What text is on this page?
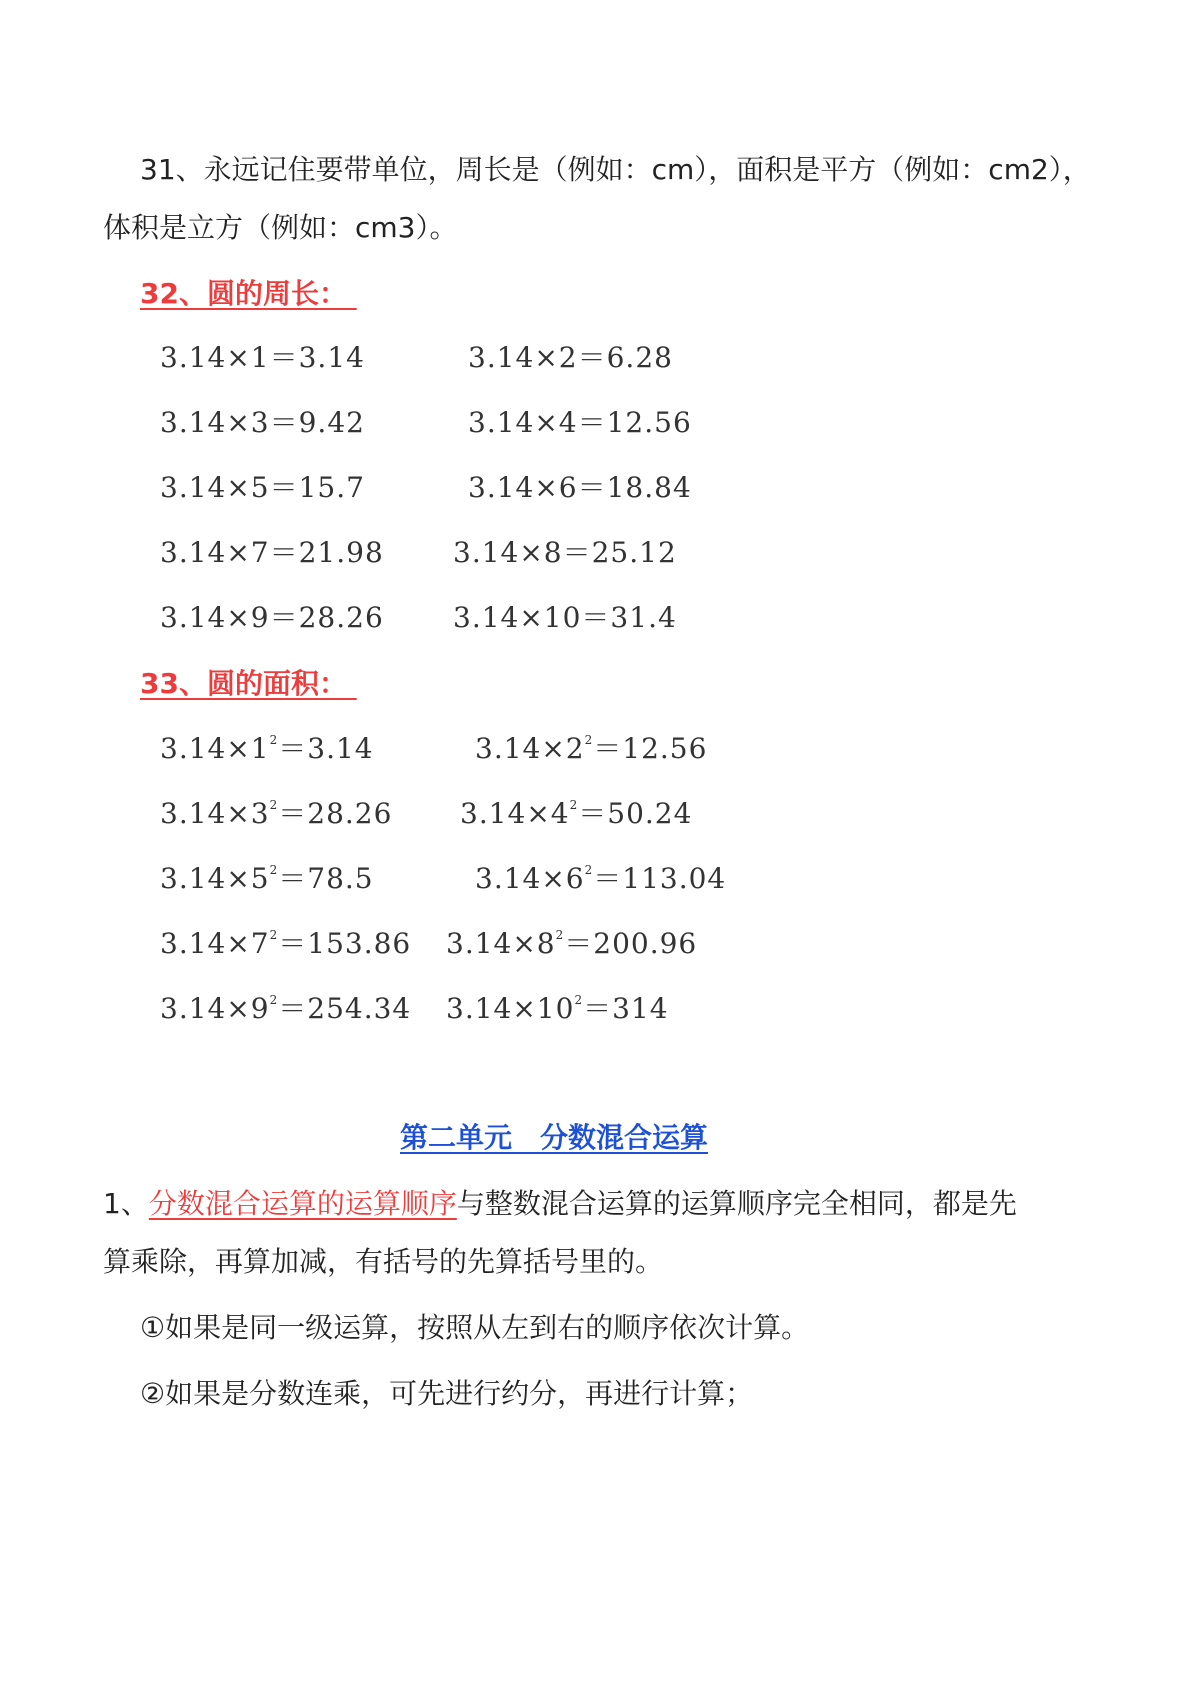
31、永远记住要带单位，周长是（例如：cm），面积是平方（例如：cm2），
体积是立方（例如：cm3）。
32、圆的周长：
3.14×1＝3.14	3.14×2＝6.28
3.14×3＝9.42	3.14×4＝12.56
3.14×5＝15.7	3.14×6＝18.84
3.14×7＝21.98 3.14×8＝25.12
3.14×9＝28.26 3.14×10＝31.4
33、圆的面积：
$3.14\times 1^2=3.14$	$3.14\times 2^2=12.56$
$3.14\times 3^2=28.26$ $3.14\times 4^2=50.24$
$3.14\times 5^2=78.5$	$3.14\times 6^2=113.04$
$3.14\times 7^2=153.86$ $3.14\times 8^2=200.96$
$3.14\times 9^2=254.34$ $3.14\times 10^2=314$
第二单元　分数混合运算
1、分数混合运算的运算顺序与整数混合运算的运算顺序完全相同，都是先
算乘除，再算加减，有括号的先算括号里的。
①如果是同一级运算，按照从左到右的顺序依次计算。
②如果是分数连乘，可先进行约分，再进行计算；
